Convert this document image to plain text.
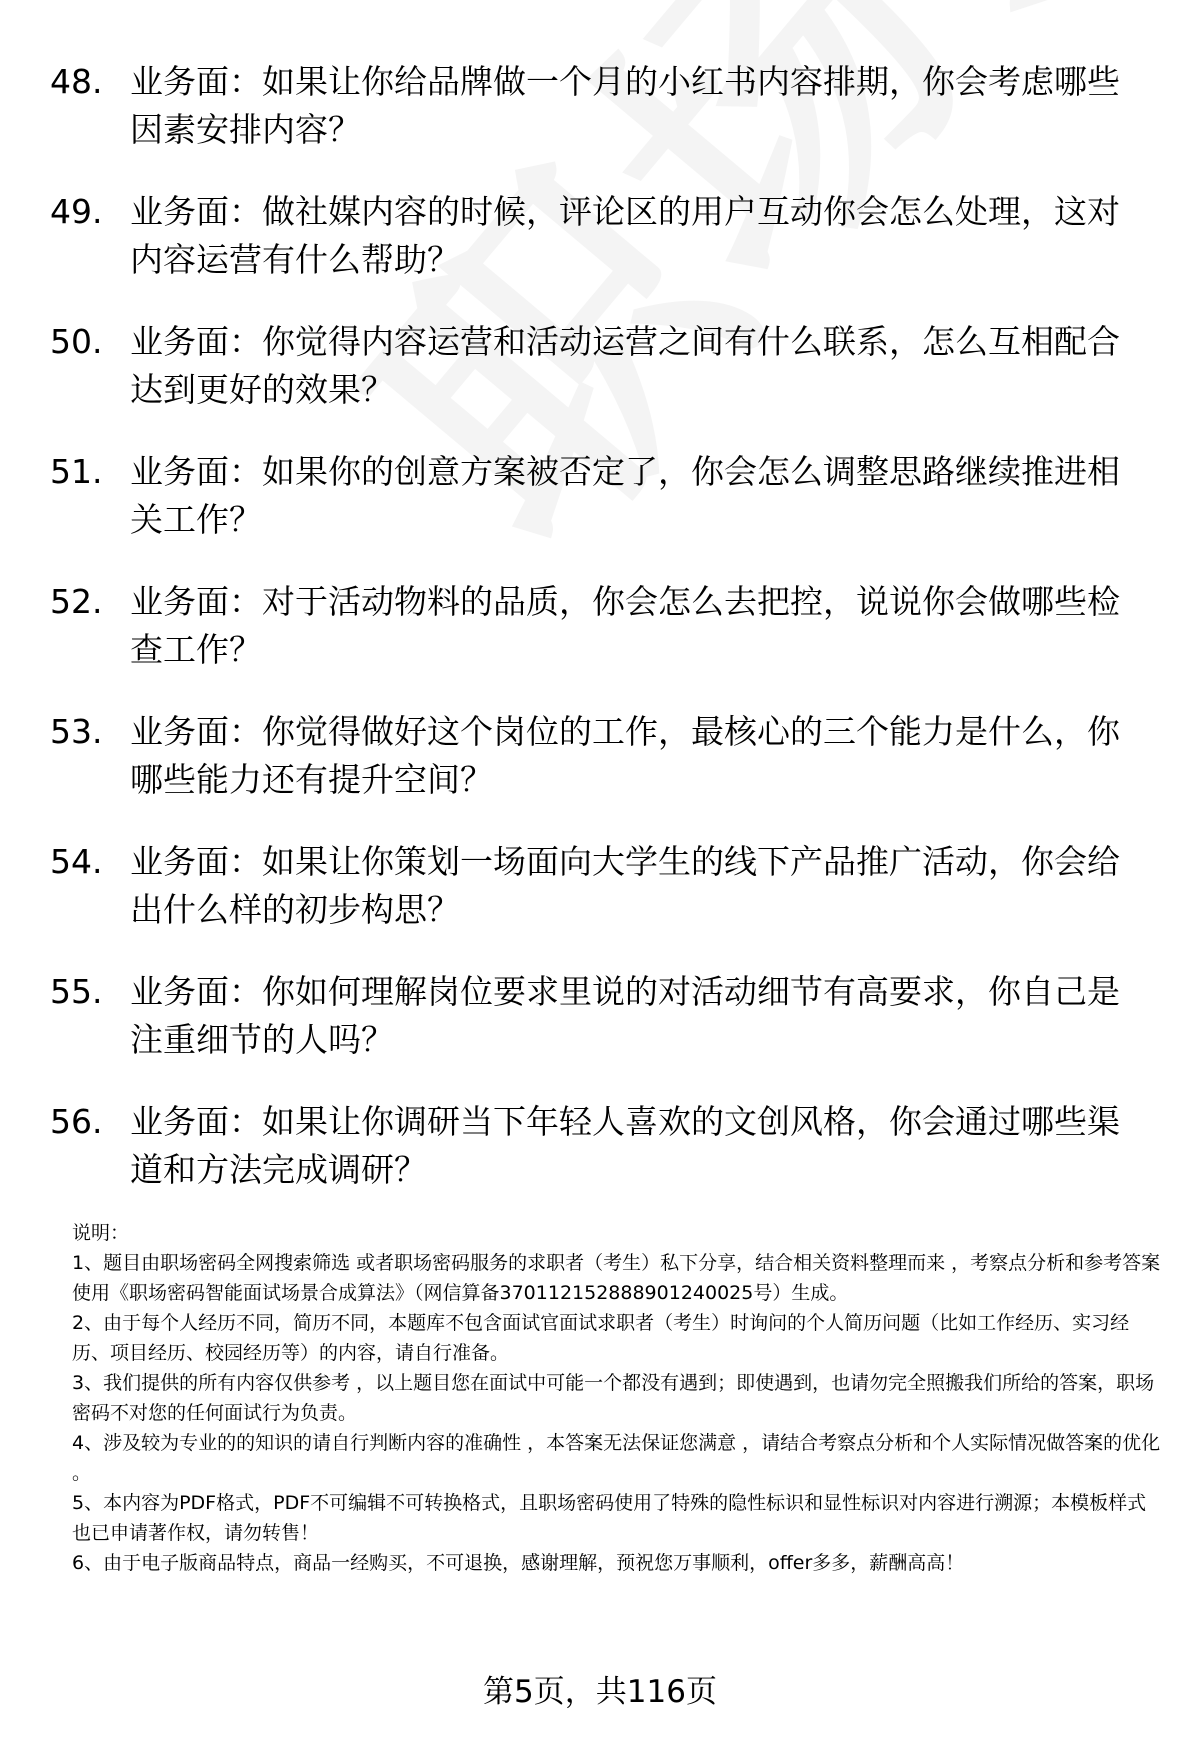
48. 业务面：如果让你给品牌做一个月的小红书内容排期，你会考虑哪些因素安排内容？
49. 业务面：做社媒内容的时候，评论区的用户互动你会怎么处理，这对内容运营有什么帮助？
50. 业务面：你觉得内容运营和活动运营之间有什么联系，怎么互相配合达到更好的效果？
51. 业务面：如果你的创意方案被否定了，你会怎么调整思路继续推进相关工作？
52. 业务面：对于活动物料的品质，你会怎么去把控，说说你会做哪些检查工作？
53. 业务面：你觉得做好这个岗位的工作，最核心的三个能力是什么，你哪些能力还有提升空间？
54. 业务面：如果让你策划一场面向大学生的线下产品推广活动，你会给出什么样的初步构思？
55. 业务面：你如何理解岗位要求里说的对活动细节有高要求，你自己是注重细节的人吗？
56. 业务面：如果让你调研当下年轻人喜欢的文创风格，你会通过哪些渠道和方法完成调研？

说明：

1、题目由职场密码全网搜索筛选 或者职场密码服务的求职者（考生）私下分享，结合相关资料整理而来 ，考察点分析和参考答案使用《职场密码智能面试场景合成算法》（网信算备370112152888901240025号）生成。

2、由于每个人经历不同，简历不同，本题库不包含面试官面试求职者（考生）时询问的个人简历问题（比如工作经历、实习经历、项目经历、校园经历等）的内容，请自行准备。

3、我们提供的所有内容仅供参考 ，以上题目您在面试中可能一个都没有遇到；即使遇到，也请勿完全照搬我们所给的答案，职场密码不对您的任何面试行为负责。

4、涉及较为专业的的知识的请自行判断内容的准确性 ，本答案无法保证您满意 ，请结合考察点分析和个人实际情况做答案的优化 。

5、本内容为PDF格式，PDF不可编辑不可转换格式，且职场密码使用了特殊的隐性标识和显性标识对内容进行溯源；本模板样式也已申请著作权，请勿转售！

6、由于电子版商品特点，商品一经购买，不可退换，感谢理解，预祝您万事顺利，offer多多，薪酬高高！

第5页，共116页
